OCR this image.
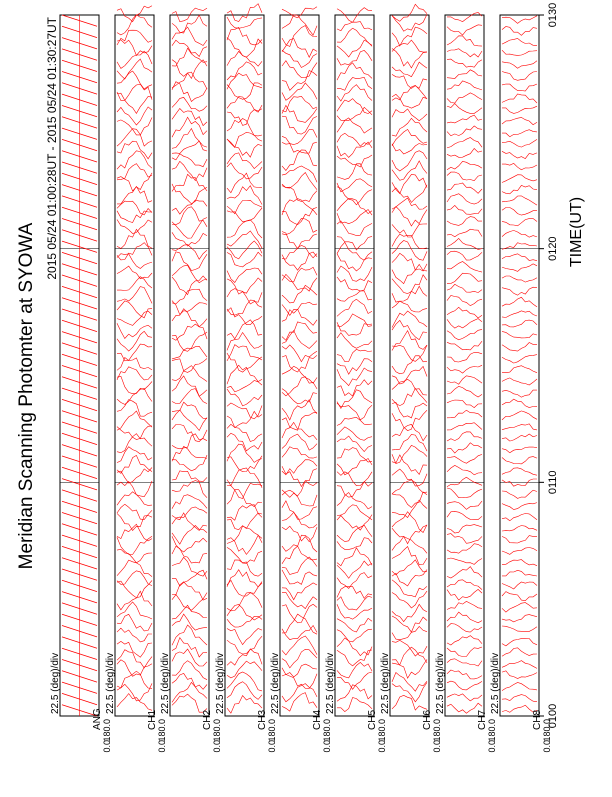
Meridian Scanning Photomter at SYOWA
2015 05/24 01:00:28UT - 2015 05/24 01:30:27UT
22.5 (deg)/div
180.0
ANG
0.0
22.5 (deg)/div
180.0
CH1
0.0
22.5 (deg)/div
180.0
CH2
0.0
22.5 (deg)/div
180.0
CH3
0.0
22.5 (deg)/div
180.0
CH4
0.0
22.5 (deg)/div
180.0
CH5
0.0
22.5 (deg)/div
180.0
CH6
0.0
22.5 (deg)/div
180.0
CH7
0.0
22.5 (deg)/div
180.0
CH8
0.0
0100
0110
0120
0130
TIME(UT)
